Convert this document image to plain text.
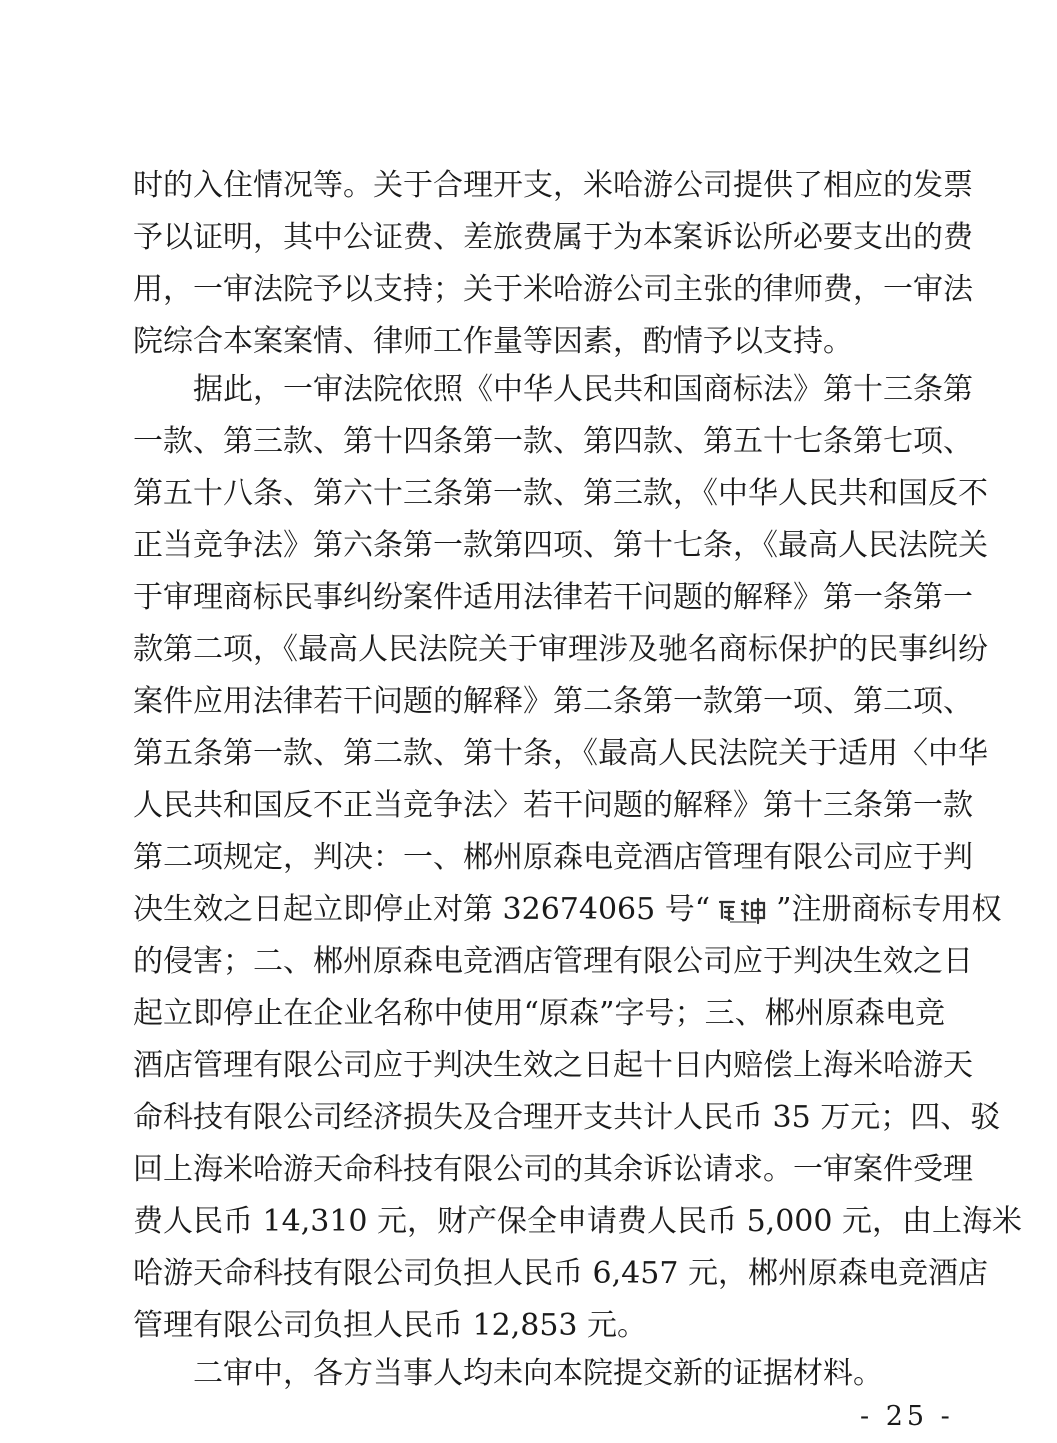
时的入住情况等。关于合理开支，米哈游公司提供了相应的发票
予以证明，其中公证费、差旅费属于为本案诉讼所必要支出的费
用，一审法院予以支持；关于米哈游公司主张的律师费，一审法
院综合本案案情、律师工作量等因素，酌情予以支持。
据此，一审法院依照《中华人民共和国商标法》第十三条第
一款、第三款、第十四条第一款、第四款、第五十七条第七项、
第五十八条、第六十三条第一款、第三款，《中华人民共和国反不
正当竞争法》第六条第一款第四项、第十七条，《最高人民法院关
于审理商标民事纠纷案件适用法律若干问题的解释》第一条第一
款第二项，《最高人民法院关于审理涉及驰名商标保护的民事纠纷
案件应用法律若干问题的解释》第二条第一款第一项、第二项、
第五条第一款、第二款、第十条，《最高人民法院关于适用〈中华
人民共和国反不正当竞争法〉若干问题的解释》第十三条第一款
第二项规定，判决：一、郴州原森电竞酒店管理有限公司应于判
决生效之日起立即停止对第 32674065 号“ ”注册商标专用权
的侵害；二、郴州原森电竞酒店管理有限公司应于判决生效之日
起立即停止在企业名称中使用“原森”字号；三、郴州原森电竞
酒店管理有限公司应于判决生效之日起十日内赔偿上海米哈游天
命科技有限公司经济损失及合理开支共计人民币 35 万元；四、驳
回上海米哈游天命科技有限公司的其余诉讼请求。一审案件受理
费人民币 14,310 元，财产保全申请费人民币 5,000 元，由上海米
哈游天命科技有限公司负担人民币 6,457 元，郴州原森电竞酒店
管理有限公司负担人民币 12,853 元。
二审中，各方当事人均未向本院提交新的证据材料。
- 25 -
